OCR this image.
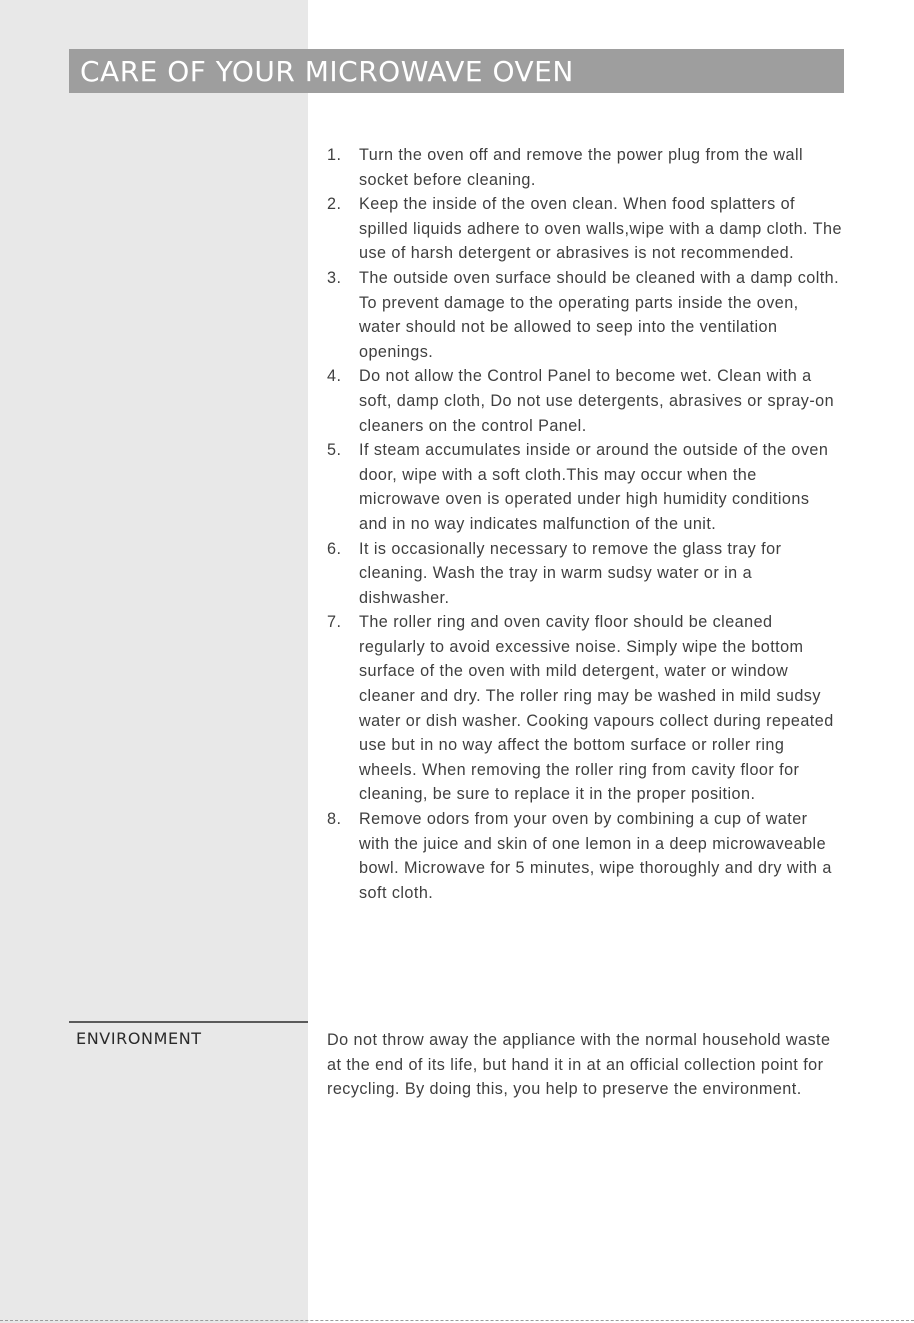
CARE OF YOUR MICROWAVE OVEN
1.	Turn the oven off and remove the power plug from the wall socket before cleaning.
2.	Keep the inside of the oven clean. When food splatters of spilled liquids adhere to oven walls,wipe with a damp cloth. The use of harsh detergent or abrasives is not recommended.
3.	The outside oven surface should be cleaned with a damp colth. To prevent damage to the operating parts inside the oven, water should not be allowed to seep into the ventilation openings.
4.	Do not allow the Control Panel to become wet. Clean with a soft, damp cloth, Do not use detergents, abrasives or spray-on cleaners on the control Panel.
5.	If steam accumulates inside or around the outside of the oven door, wipe with a soft cloth.This may occur when the microwave oven is operated under high humidity conditions and in no way indicates malfunction of the unit.
6.	It is occasionally necessary to remove the glass tray for cleaning. Wash the tray in warm sudsy water or in a dishwasher.
7.	The roller ring and oven cavity floor should be cleaned regularly to avoid excessive noise. Simply wipe the bottom surface of the oven with mild detergent, water or window cleaner and dry. The roller ring may be washed in mild sudsy water or dish washer. Cooking vapours collect during repeated use but in no way affect the bottom surface or roller ring wheels. When removing the roller ring from cavity floor for cleaning, be sure to replace it in the proper position.
8.	Remove odors from your oven by combining a cup of water with the juice and skin of one lemon in a deep microwaveable bowl. Microwave for 5 minutes, wipe thoroughly and dry with a soft cloth.
ENVIRONMENT	Do not throw away the appliance with the normal household waste at the end of its life, but hand it in at an official collection point for recycling. By doing this, you help to preserve the environment.
